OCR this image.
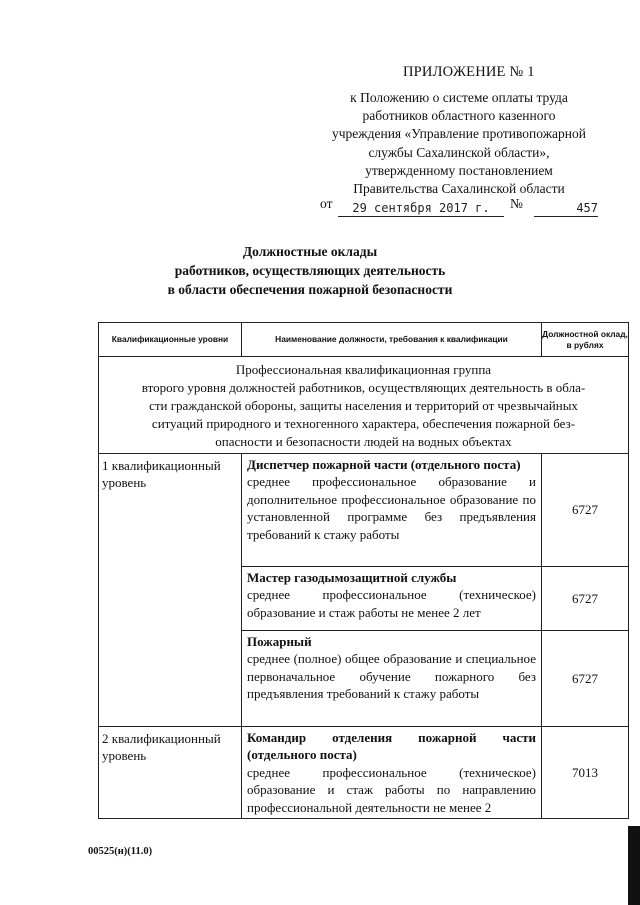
ПРИЛОЖЕНИЕ № 1
к Положению о системе оплаты труда
работников областного казенного
учреждения «Управление противопожарной
службы Сахалинской области»,
утвержденному постановлением
Правительства Сахалинской области
от	29 сентября 2017 г.	№	457
Должностные оклады
работников, осуществляющих деятельность
в области обеспечения пожарной безопасности
Квалификационные уровни	Наименование должности, требования к квалификации	Должностной оклад, в рублях

Профессиональная квалификационная группа
второго уровня должностей работников, осуществляющих деятельность в обла-
сти гражданской обороны, защиты населения и территорий от чрезвычайных
ситуаций природного и техногенного характера, обеспечения пожарной без-
опасности и безопасности людей на водных объектах		

1 квалификационный уровень	Диспетчер пожарной части (отдельного поста)
среднее профессиональное образование и дополнительное профессиональное образование по установленной программе без предъявления требований к стажу работы	6727

	Мастер газодымозащитной службы
среднее профессиональное (техническое) образование и стаж работы не менее 2 лет	6727

	Пожарный
среднее (полное) общее образование и специальное первоначальное обучение пожарного без предъявления требований к стажу работы	6727
2 квалификационный уровень	Командир отделения пожарной части (отдельного поста)
среднее профессиональное (техническое) образование и стаж работы по направлению профессиональной деятельности не менее 2	7013
00525(н)(11.0)
